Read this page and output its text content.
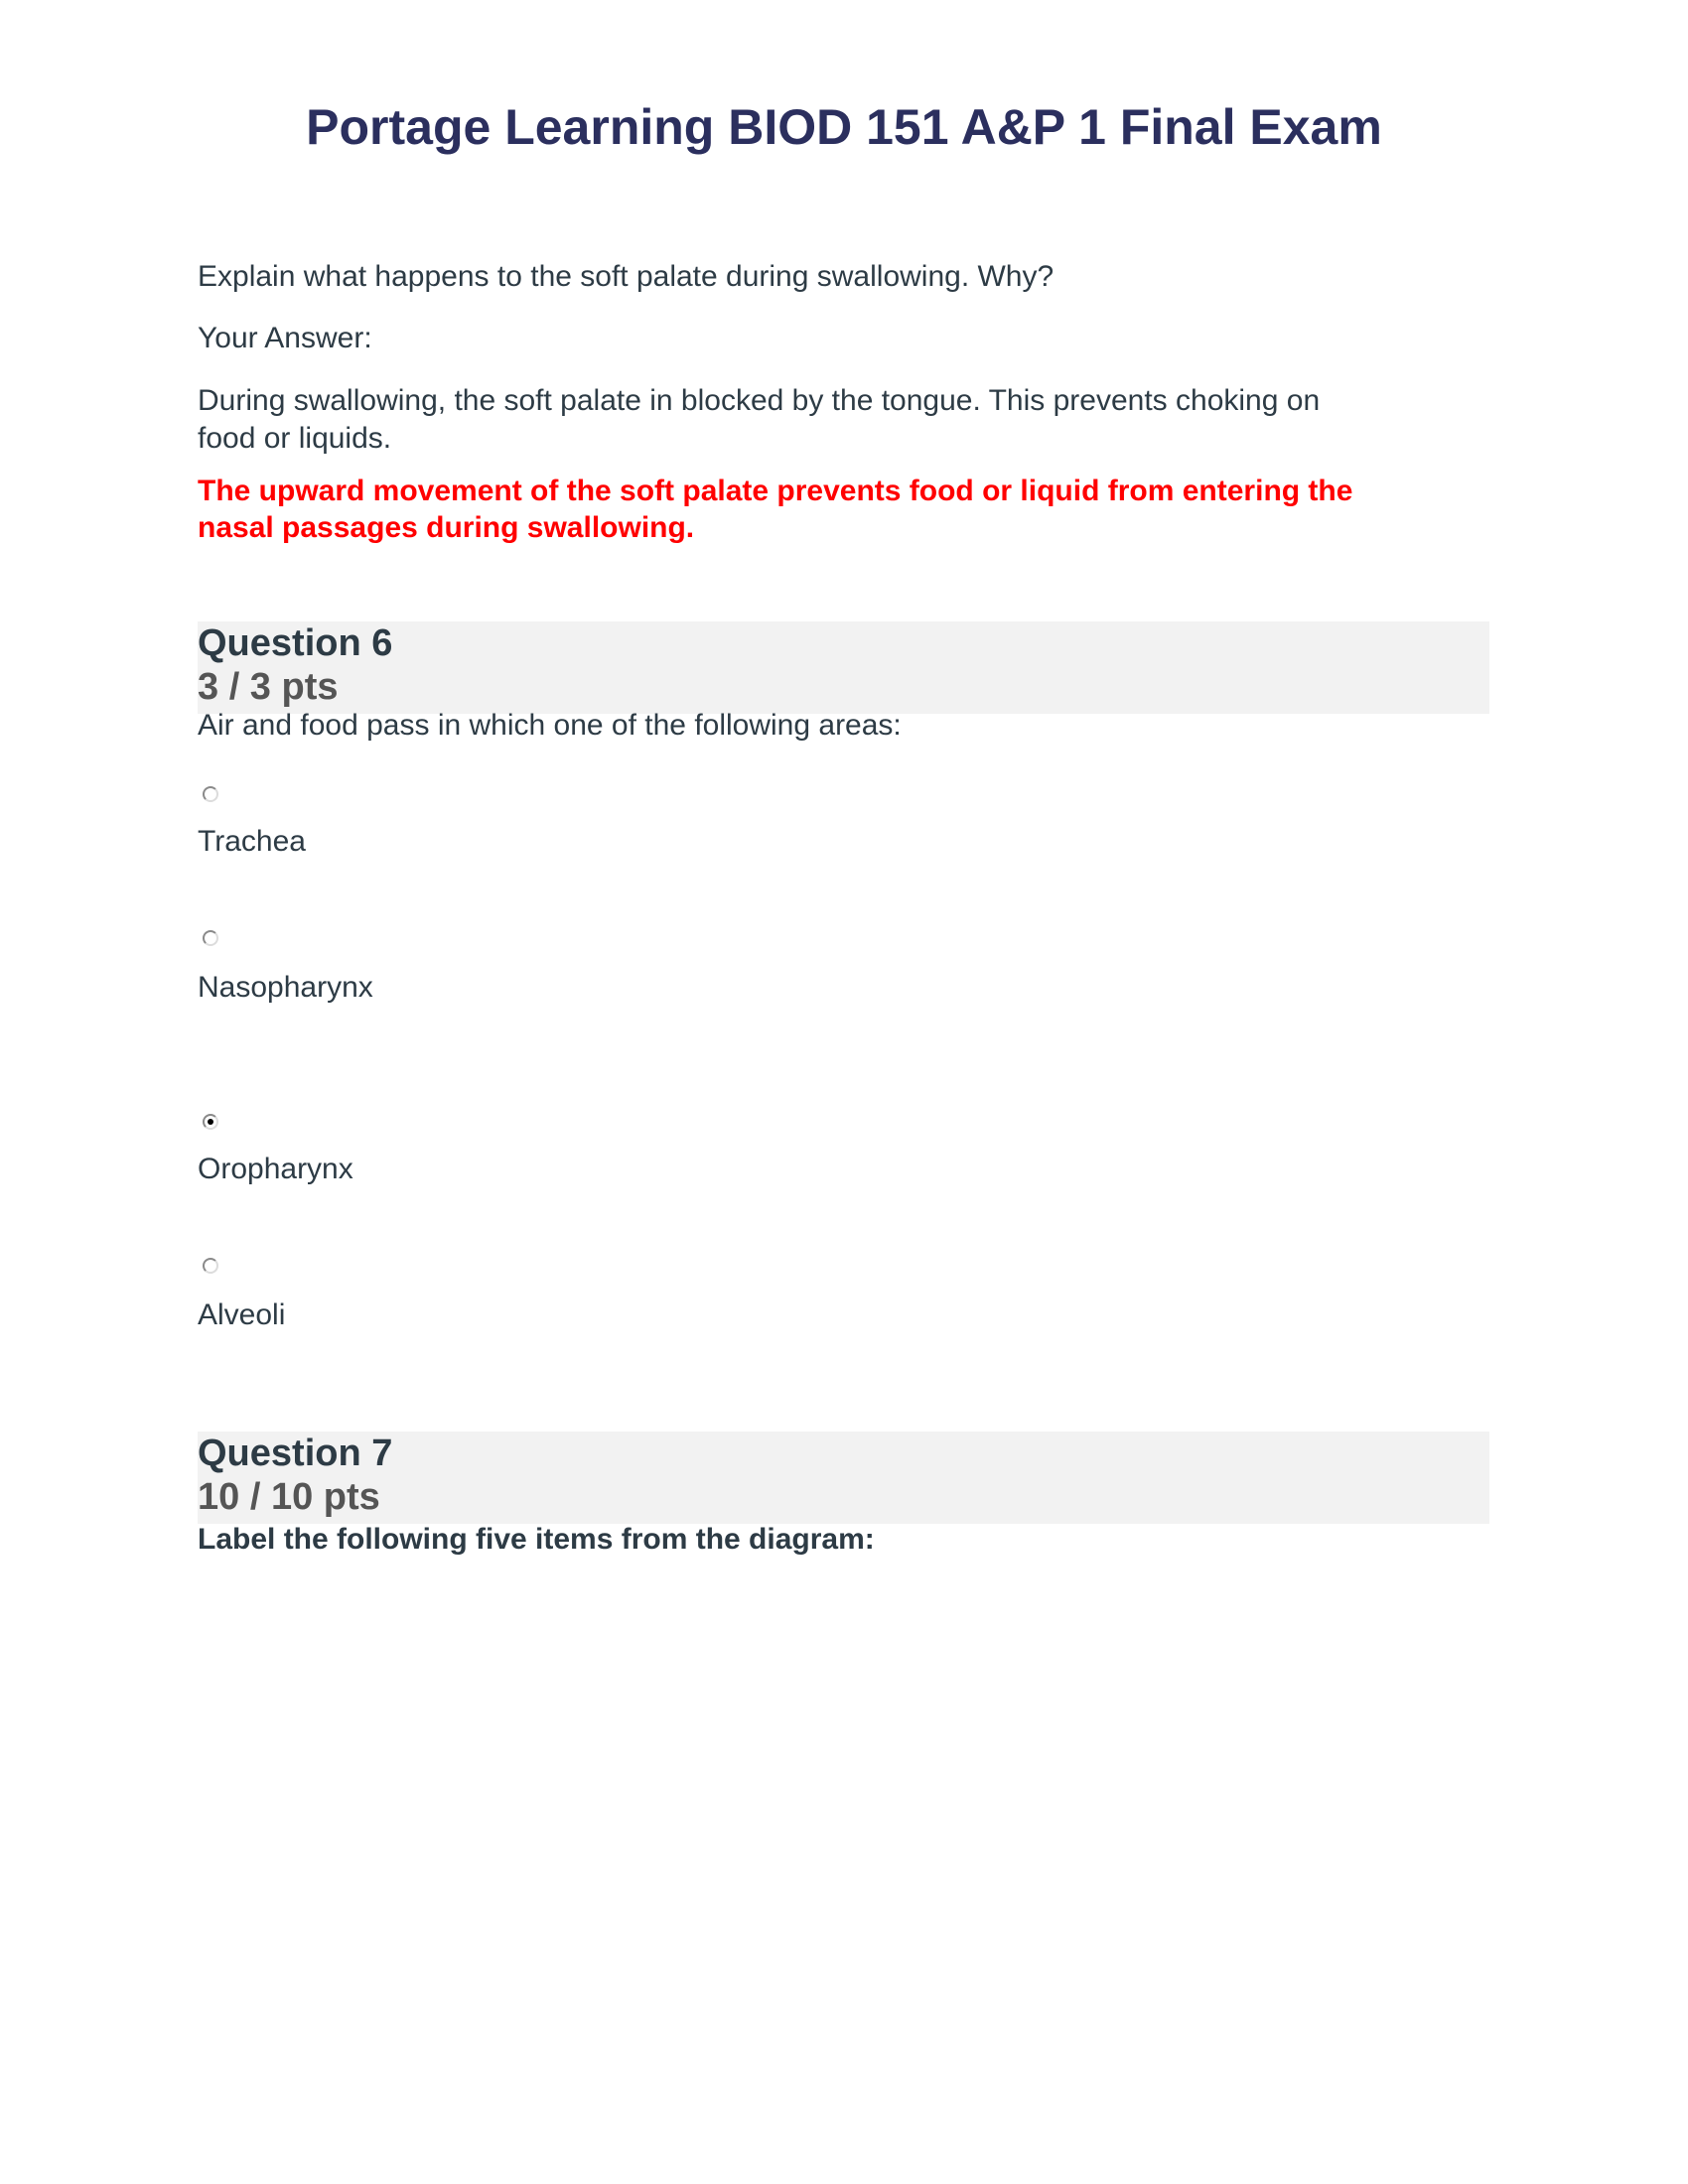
Portage Learning BIOD 151 A&P 1 Final Exam
Explain what happens to the soft palate during swallowing. Why?
Your Answer:
During swallowing, the soft palate in blocked by the tongue. This prevents choking on
food or liquids.
The upward movement of the soft palate prevents food or liquid from entering the
nasal passages during swallowing.
Question 6
3 / 3 pts
Air and food pass in which one of the following areas:
Trachea
Nasopharynx
Oropharynx
Alveoli
Question 7
10 / 10 pts
Label the following five items from the diagram:
